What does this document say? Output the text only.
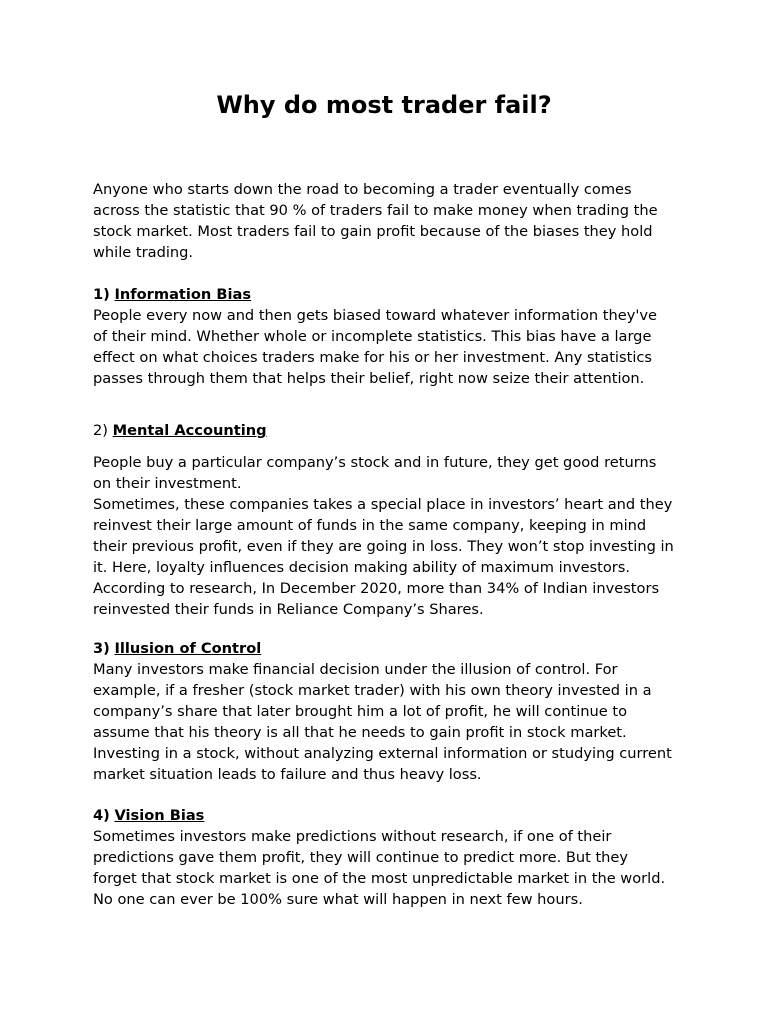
Why do most trader fail?
Anyone who starts down the road to becoming a trader eventually comes
across the statistic that 90 % of traders fail to make money when trading the
stock market. Most traders fail to gain profit because of the biases they hold
while trading.
1) Information Bias
People every now and then gets biased toward whatever information they've
of their mind. Whether whole or incomplete statistics. This bias have a large
effect on what choices traders make for his or her investment. Any statistics
passes through them that helps their belief, right now seize their attention.
2) Mental Accounting
People buy a particular company’s stock and in future, they get good returns
on their investment.
Sometimes, these companies takes a special place in investors’ heart and they
reinvest their large amount of funds in the same company, keeping in mind
their previous profit, even if they are going in loss. They won’t stop investing in
it. Here, loyalty influences decision making ability of maximum investors.
According to research, In December 2020, more than 34% of Indian investors
reinvested their funds in Reliance Company’s Shares.
3) Illusion of Control
Many investors make financial decision under the illusion of control. For
example, if a fresher (stock market trader) with his own theory invested in a
company’s share that later brought him a lot of profit, he will continue to
assume that his theory is all that he needs to gain profit in stock market.
Investing in a stock, without analyzing external information or studying current
market situation leads to failure and thus heavy loss.
4) Vision Bias
Sometimes investors make predictions without research, if one of their
predictions gave them profit, they will continue to predict more. But they
forget that stock market is one of the most unpredictable market in the world.
No one can ever be 100% sure what will happen in next few hours.
